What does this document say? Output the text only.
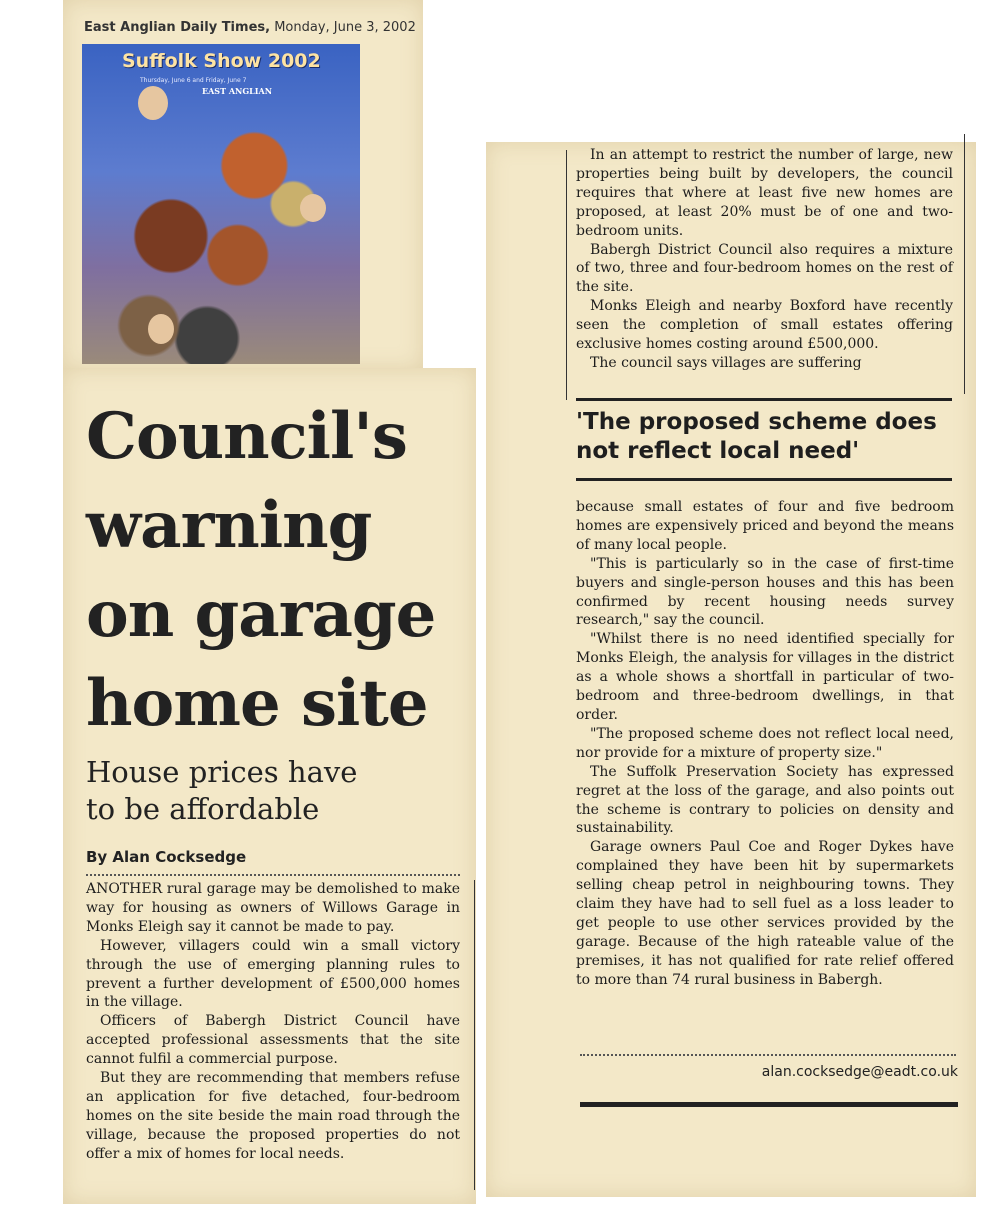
East Anglian Daily Times, Monday, June 3, 2002
Suffolk Show 2002
Thursday, June 6 and Friday, June 7
EAST ANGLIAN
Council's
warning
on garage
home site
House prices have
to be affordable
By Alan Cocksedge

ANOTHER rural garage may be demolished to make way for housing as owners of Willows Garage in Monks Eleigh say it cannot be made to pay.

However, villagers could win a small victory through the use of emerging planning rules to prevent a further development of £500,000 homes in the village.

Officers of Babergh District Council have accepted professional assessments that the site cannot fulfil a commercial purpose.

But they are recommending that members refuse an application for five detached, four-bedroom homes on the site beside the main road through the village, because the proposed properties do not offer a mix of homes for local needs.

In an attempt to restrict the number of large, new properties being built by developers, the council requires that where at least five new homes are proposed, at least 20% must be of one and two-bedroom units.

Babergh District Council also requires a mixture of two, three and four-bedroom homes on the rest of the site.

Monks Eleigh and nearby Boxford have recently seen the completion of small estates offering exclusive homes costing around £500,000.

The council says villages are suffering

'The proposed scheme does not reflect local need'

because small estates of four and five bedroom homes are expensively priced and beyond the means of many local people.

"This is particularly so in the case of first-time buyers and single-person houses and this has been confirmed by recent housing needs survey research," say the council.

"Whilst there is no need identified specially for Monks Eleigh, the analysis for villages in the district as a whole shows a shortfall in particular of two-bedroom and three-bedroom dwellings, in that order.

"The proposed scheme does not reflect local need, nor provide for a mixture of property size."

The Suffolk Preservation Society has expressed regret at the loss of the garage, and also points out the scheme is contrary to policies on density and sustainability.

Garage owners Paul Coe and Roger Dykes have complained they have been hit by supermarkets selling cheap petrol in neighbouring towns. They claim they have had to sell fuel as a loss leader to get people to use other services provided by the garage. Because of the high rateable value of the premises, it has not qualified for rate relief offered to more than 74 rural business in Babergh.

alan.cocksedge@eadt.co.uk
